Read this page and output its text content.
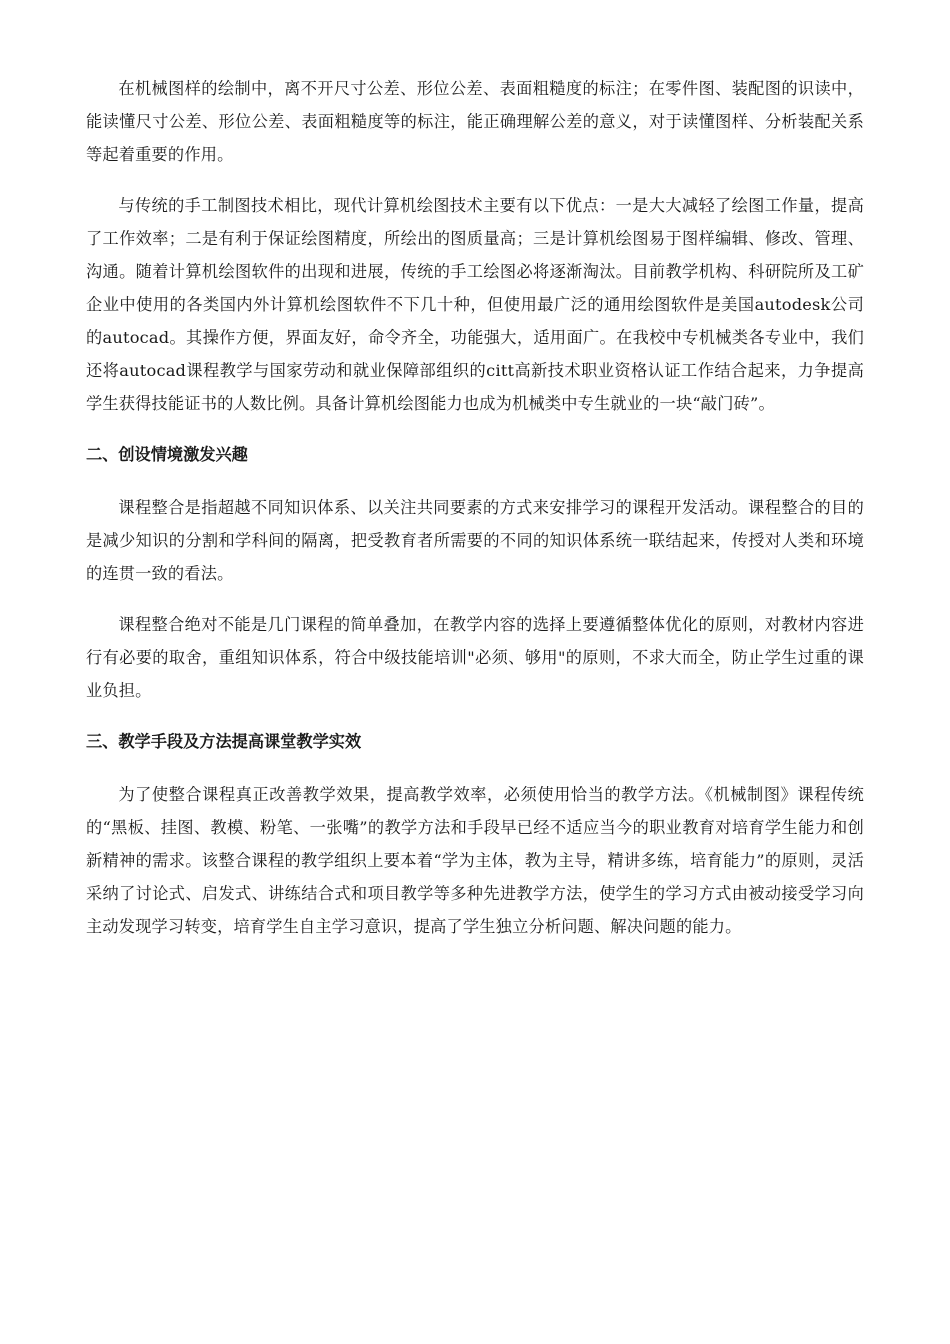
在机械图样的绘制中，离不开尺寸公差、形位公差、表面粗糙度的标注；在零件图、装配图的识读中，能读懂尺寸公差、形位公差、表面粗糙度等的标注，能正确理解公差的意义，对于读懂图样、分析装配关系等起着重要的作用。

与传统的手工制图技术相比，现代计算机绘图技术主要有以下优点：一是大大减轻了绘图工作量，提高了工作效率；二是有利于保证绘图精度，所绘出的图质量高；三是计算机绘图易于图样编辑、修改、管理、沟通。随着计算机绘图软件的出现和进展，传统的手工绘图必将逐渐淘汰。目前教学机构、科研院所及工矿企业中使用的各类国内外计算机绘图软件不下几十种，但使用最广泛的通用绘图软件是美国autodesk公司的autocad。其操作方便，界面友好，命令齐全，功能强大，适用面广。在我校中专机械类各专业中，我们还将autocad课程教学与国家劳动和就业保障部组织的citt高新技术职业资格认证工作结合起来，力争提高学生获得技能证书的人数比例。具备计算机绘图能力也成为机械类中专生就业的一块“敲门砖”。

二、创设情境激发兴趣

课程整合是指超越不同知识体系、以关注共同要素的方式来安排学习的课程开发活动。课程整合的目的是减少知识的分割和学科间的隔离，把受教育者所需要的不同的知识体系统一联结起来，传授对人类和环境的连贯一致的看法。

课程整合绝对不能是几门课程的简单叠加，在教学内容的选择上要遵循整体优化的原则，对教材内容进行有必要的取舍，重组知识体系，符合中级技能培训"必须、够用"的原则，不求大而全，防止学生过重的课业负担。

三、教学手段及方法提高课堂教学实效

为了使整合课程真正改善教学效果，提高教学效率，必须使用恰当的教学方法。《机械制图》课程传统的“黑板、挂图、教模、粉笔、一张嘴”的教学方法和手段早已经不适应当今的职业教育对培育学生能力和创新精神的需求。该整合课程的教学组织上要本着“学为主体，教为主导，精讲多练，培育能力”的原则，灵活采纳了讨论式、启发式、讲练结合式和项目教学等多种先进教学方法，使学生的学习方式由被动接受学习向主动发现学习转变，培育学生自主学习意识，提高了学生独立分析问题、解决问题的能力。
